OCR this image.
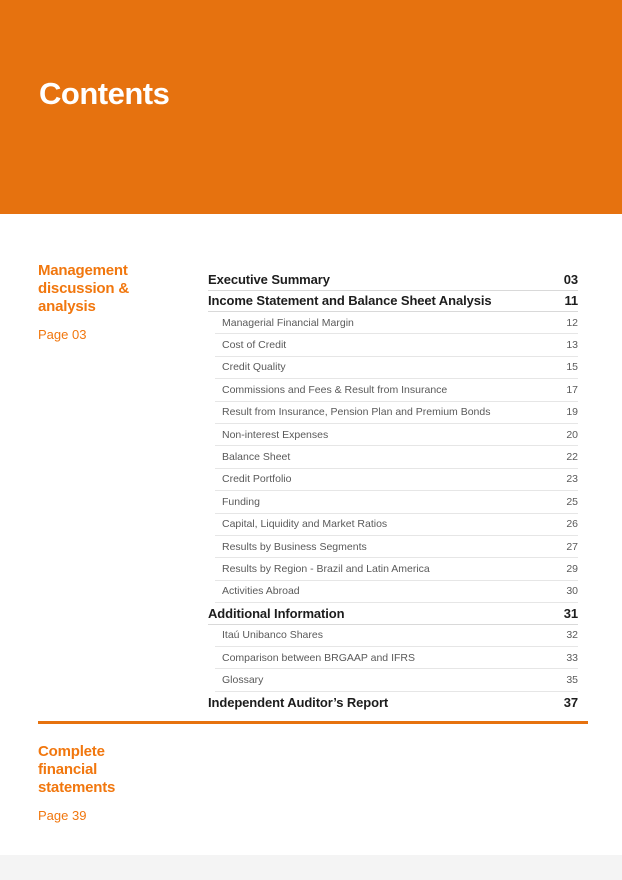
Contents
Management discussion & analysis
Page 03
Executive Summary	03
Income Statement and Balance Sheet Analysis	11
Managerial Financial Margin	12
Cost of Credit	13
Credit Quality	15
Commissions and Fees & Result from Insurance	17
Result from Insurance, Pension Plan and Premium Bonds	19
Non-interest Expenses	20
Balance Sheet	22
Credit Portfolio	23
Funding	25
Capital, Liquidity and Market Ratios	26
Results by Business Segments	27
Results by Region - Brazil and Latin America	29
Activities Abroad	30
Additional Information	31
Itaú Unibanco Shares	32
Comparison between BRGAAP and IFRS	33
Glossary	35
Independent Auditor’s Report	37
Complete financial statements
Page 39
